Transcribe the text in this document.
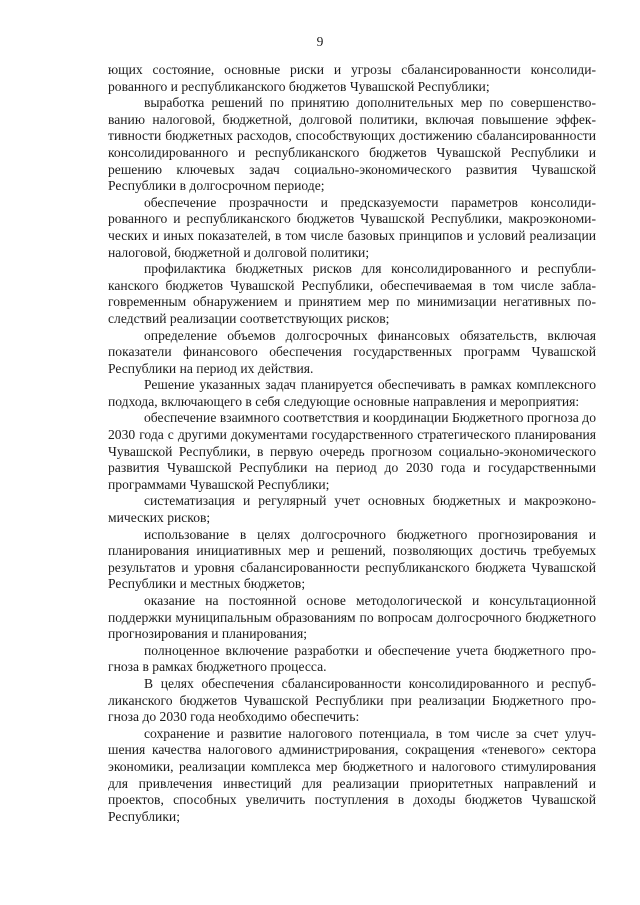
9

ющих состояние, основные риски и угрозы сбалансированности консолидированного и республиканского бюджетов Чувашской Республики;

выработка решений по принятию дополнительных мер по совершенствованию налоговой, бюджетной, долговой политики, включая повышение эффективности бюджетных расходов, способствующих достижению сбалансированности консолидированного и республиканского бюджетов Чувашской Республики и решению ключевых задач социально-экономического развития Чувашской Республики в долгосрочном периоде;

обеспечение прозрачности и предсказуемости параметров консолидированного и республиканского бюджетов Чувашской Республики, макроэкономических и иных показателей, в том числе базовых принципов и условий реализации налоговой, бюджетной и долговой политики;

профилактика бюджетных рисков для консолидированного и республиканского бюджетов Чувашской Республики, обеспечиваемая в том числе заблаговременным обнаружением и принятием мер по минимизации негативных последствий реализации соответствующих рисков;

определение объемов долгосрочных финансовых обязательств, включая показатели финансового обеспечения государственных программ Чувашской Республики на период их действия.

Решение указанных задач планируется обеспечивать в рамках комплексного подхода, включающего в себя следующие основные направления и мероприятия:

обеспечение взаимного соответствия и координации Бюджетного прогноза до 2030 года с другими документами государственного стратегического планирования Чувашской Республики, в первую очередь прогнозом социально-экономического развития Чувашской Республики на период до 2030 года и государственными программами Чувашской Республики;

систематизация и регулярный учет основных бюджетных и макроэкономических рисков;

использование в целях долгосрочного бюджетного прогнозирования и планирования инициативных мер и решений, позволяющих достичь требуемых результатов и уровня сбалансированности республиканского бюджета Чувашской Республики и местных бюджетов;

оказание на постоянной основе методологической и консультационной поддержки муниципальным образованиям по вопросам долгосрочного бюджетного прогнозирования и планирования;

полноценное включение разработки и обеспечение учета бюджетного прогноза в рамках бюджетного процесса.

В целях обеспечения сбалансированности консолидированного и республиканского бюджетов Чувашской Республики при реализации Бюджетного прогноза до 2030 года необходимо обеспечить:

сохранение и развитие налогового потенциала, в том числе за счет улучшения качества налогового администрирования, сокращения «теневого» сектора экономики, реализации комплекса мер бюджетного и налогового стимулирования для привлечения инвестиций для реализации приоритетных направлений и проектов, способных увеличить поступления в доходы бюджетов Чувашской Республики;
